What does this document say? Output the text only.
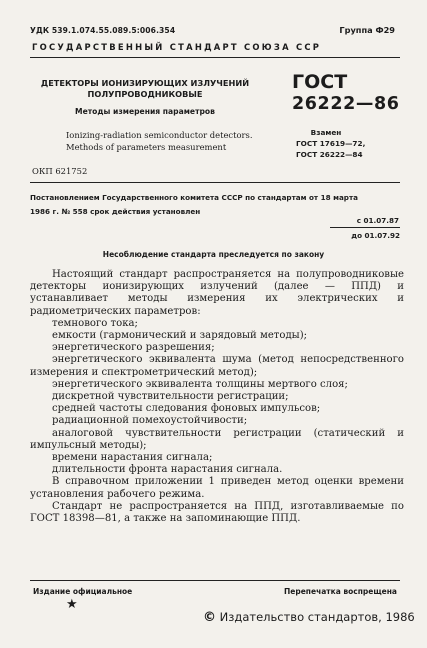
УДК 539.1.074.55.089.5:006.354	Группа Ф29
ГОСУДАРСТВЕННЫЙ СТАНДАРТ СОЮЗА ССР
ДЕТЕКТОРЫ ИОНИЗИРУЮЩИХ ИЗЛУЧЕНИЙ
ПОЛУПРОВОДНИКОВЫЕ
Методы измерения параметров
Ionizing-radiation semiconductor detectors.
Methods of parameters measurement
ГОСТ
26222—86
Взамен
ГОСТ 17619—72,
ГОСТ 26222—84
ОКП 621752
Постановлением Государственного комитета СССР по стандартам от 18 марта
1986 г. № 558 срок действия установлен
с 01.07.87
до 01.07.92
Несоблюдение стандарта преследуется по закону

Настоящий стандарт распространяется на полупроводниковые детекторы ионизирующих излучений (далее — ППД) и устанавливает методы измерения их электрических и радиометрических параметров:

темнового тока;

емкости (гармонический и зарядовый методы);

энергетического разрешения;

энергетического эквивалента шума (метод непосредственного измерения и спектрометрический метод);

энергетического эквивалента толщины мертвого слоя;

дискретной чувствительности регистрации;

средней частоты следования фоновых импульсов;

радиационной помехоустойчивости;

аналоговой чувствительности регистрации (статический и импульсный методы);

времени нарастания сигнала;

длительности фронта нарастания сигнала.

В справочном приложении 1 приведен метод оценки времени установления рабочего режима.

Стандарт не распространяется на ППД, изготавливаемые по ГОСТ 18398—81, а также на запоминающие ППД.

Издание официальное	Перепечатка воспрещена
★
© Издательство стандартов, 1986
